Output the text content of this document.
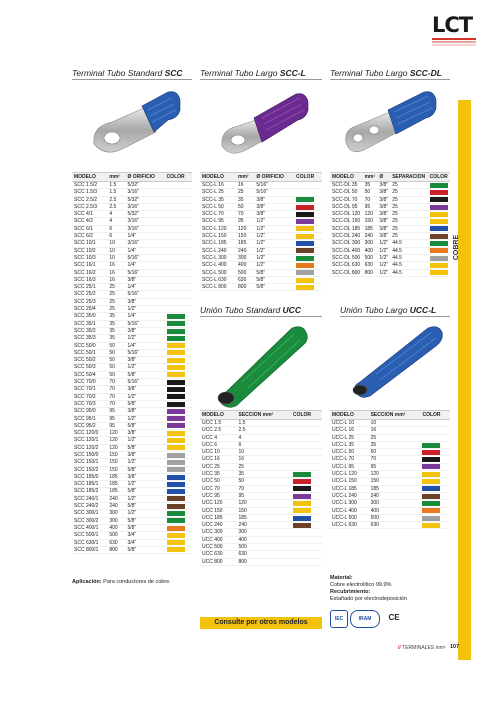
LCT
COBRE
Terminal Tubo Standard SCC	Terminal Tubo Largo SCC-L	Terminal Tubo Largo SCC-DL
Unión Tubo Standard UCC	Unión Tubo Largo UCC-L
MODELO	mm²	Ø ORIFICIO	COLOR
SCC 1.5/2	1.5	5/32"	

SCC 1.5/3	1.5	3/16"	

SCC 2.5/2	2.5	5/32"	

SCC 2.5/3	2.5	3/16"	

SCC 4/1	4	5/32"	

SCC 4/2	4	3/16"	

SCC 6/1	6	3/16"	

SCC 6/2	6	1/4"	

SCC 10/1	10	3/16"	

SCC 10/2	10	1/4"	

SCC 10/3	10	5/16"	

SCC 16/1	16	1/4"	

SCC 16/2	16	5/16"	

SCC 16/3	16	3/8"	

SCC 25/1	25	1/4"	

SCC 25/2	25	5/16"	

SCC 25/3	25	3/8"	

SCC 25/4	25	1/2"	

SCC 35/0	35	1/4"	

SCC 35/1	35	5/16"	

SCC 35/2	35	3/8"	

SCC 35/3	35	1/2"	

SCC 50/0	50	1/4"	

SCC 50/1	50	5/16"	

SCC 50/2	50	3/8"	

SCC 50/3	50	1/2"	

SCC 50/4	50	5/8"	

SCC 70/0	70	5/16"	

SCC 70/1	70	3/8"	

SCC 70/2	70	1/2"	

SCC 70/3	70	5/8"	

SCC 95/0	95	3/8"	

SCC 95/1	95	1/2"	

SCC 95/2	95	5/8"	

SCC 120/0	120	3/8"	

SCC 120/1	120	1/2"	

SCC 120/2	120	5/8"	

SCC 150/0	150	3/8"	

SCC 150/1	150	1/2"	

SCC 150/2	150	5/8"	

SCC 185/0	185	3/8"	

SCC 185/1	185	1/2"	

SCC 185/2	185	5/8"	

SCC 240/1	240	1/2"	

SCC 240/2	240	5/8"	

SCC 300/1	300	1/2"	

SCC 300/2	300	5/8"	

SCC 400/1	400	5/8"	

SCC 500/1	500	3/4"	

SCC 630/1	630	3/4"	

SCC 800/1	800	5/8"	
MODELO	mm²	Ø ORIFICIO	COLOR
SCC-L 16	16	5/16"	

SCC-L 25	25	5/16"	

SCC-L 35	35	3/8"	

SCC-L 50	50	3/8"	

SCC-L 70	70	3/8"	

SCC-L 95	95	1/2"	

SCC-L 120	120	1/2"	

SCC-L 150	150	1/2"	

SCC-L 185	185	1/2"	

SCC-L 240	240	1/2"	

SCC-L 300	300	1/2"	

SCC-L 400	400	1/2"	

SCC-L 500	500	5/8"	

SCC-L 630	630	5/8"	

SCC-L 800	800	5/8"	
MODELO	mm²	Ø	SEPARACION	COLOR
SCC-DL 35	35	3/8"	25	

SCC-DL 50	50	3/8"	25	

SCC-DL 70	70	3/8"	25	

SCC-DL 95	95	3/8"	25	

SCC-DL 120	120	3/8"	25	

SCC-DL 150	150	3/8"	25	

SCC-DL 185	185	3/8"	25	

SCC-DL 240	240	3/8"	25	

SCC-DL 300	300	1/2"	44.5	

SCC-DL 400	400	1/2"	44.5	

SCC-DL 500	500	1/2"	44.5	

SCC-DL 630	630	1/2"	44.5	

SCC-DL 800	800	1/2"	44.5	
MODELO	SECCION mm²	COLOR
UCC 1.5	1.5	

UCC 2.5	2.5	

UCC 4	4	

UCC 6	6	

UCC 10	10	

UCC 16	16	

UCC 25	25	

UCC 35	35	

UCC 50	50	

UCC 70	70	

UCC 95	95	

UCC 120	120	

UCC 150	150	

UCC 185	185	

UCC 240	240	

UCC 300	300	

UCC 400	400	

UCC 500	500	

UCC 630	630	

UCC 800	800	
MODELO	SECCION mm²	COLOR
UCC-L 10	10	

UCC-L 16	16	

UCC-L 25	25	

UCC-L 35	35	

UCC-L 50	50	

UCC-L 70	70	

UCC-L 95	95	

UCC-L 120	120	

UCC-L 150	150	

UCC-L 185	185	

UCC-L 240	240	

UCC-L 300	300	

UCC-L 400	400	

UCC-L 500	500	

UCC-L 630	630	
Aplicación: Para conductores de cobre.
Material:
Cobre electrolítico 99.9%
Recubrimiento:
Estañado por electrodeposición
IEC	IRAM	CE
Consulte por otros modelos
// TERMINALES mm² 107
